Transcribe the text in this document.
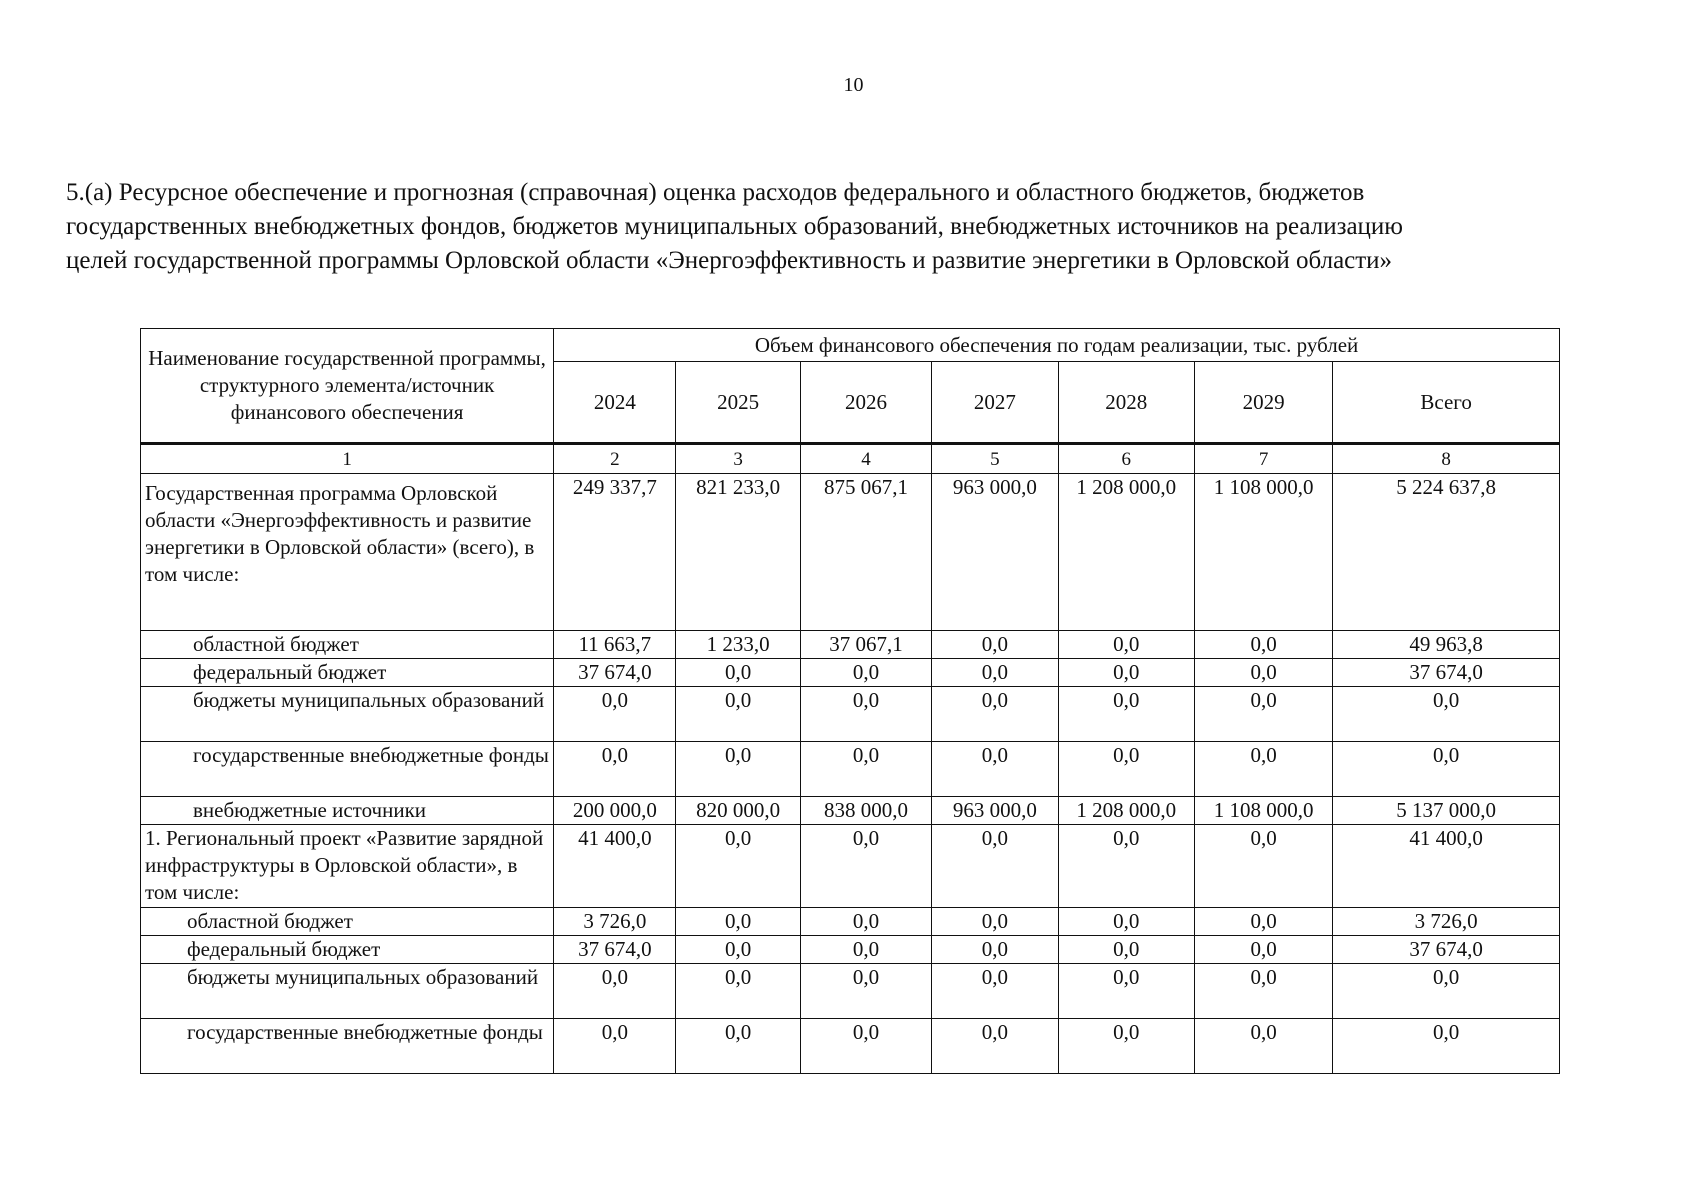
10
5.(а) Ресурсное обеспечение и прогнозная (справочная) оценка расходов федерального и областного бюджетов, бюджетов
государственных внебюджетных фондов, бюджетов муниципальных образований, внебюджетных источников на реализацию
целей государственной программы Орловской области «Энергоэффективность и развитие энергетики в Орловской области»
Наименование государственной программы, структурного элемента/источник финансового обеспечения	Объем финансового обеспечения по годам реализации, тыс. рублей						
	2024	2025	2026	2027	2028	2029	Всего
1	2	3	4	5	6	7	8
Государственная программа Орловской области «Энергоэффективность и развитие энергетики в Орловской области» (всего), в том числе:	249 337,7	821 233,0	875 067,1	963 000,0	1 208 000,0	1 108 000,0	5 224 637,8
областной бюджет	11 663,7	1 233,0	37 067,1	0,0	0,0	0,0	49 963,8
федеральный бюджет	37 674,0	0,0	0,0	0,0	0,0	0,0	37 674,0
бюджеты муниципальных образований	0,0	0,0	0,0	0,0	0,0	0,0	0,0
государственные внебюджетные фонды	0,0	0,0	0,0	0,0	0,0	0,0	0,0
внебюджетные источники	200 000,0	820 000,0	838 000,0	963 000,0	1 208 000,0	1 108 000,0	5 137 000,0
1. Региональный проект «Развитие зарядной инфраструктуры в Орловской области», в том числе:	41 400,0	0,0	0,0	0,0	0,0	0,0	41 400,0
областной бюджет	3 726,0	0,0	0,0	0,0	0,0	0,0	3 726,0
федеральный бюджет	37 674,0	0,0	0,0	0,0	0,0	0,0	37 674,0
бюджеты муниципальных образований	0,0	0,0	0,0	0,0	0,0	0,0	0,0
государственные внебюджетные фонды	0,0	0,0	0,0	0,0	0,0	0,0	0,0
